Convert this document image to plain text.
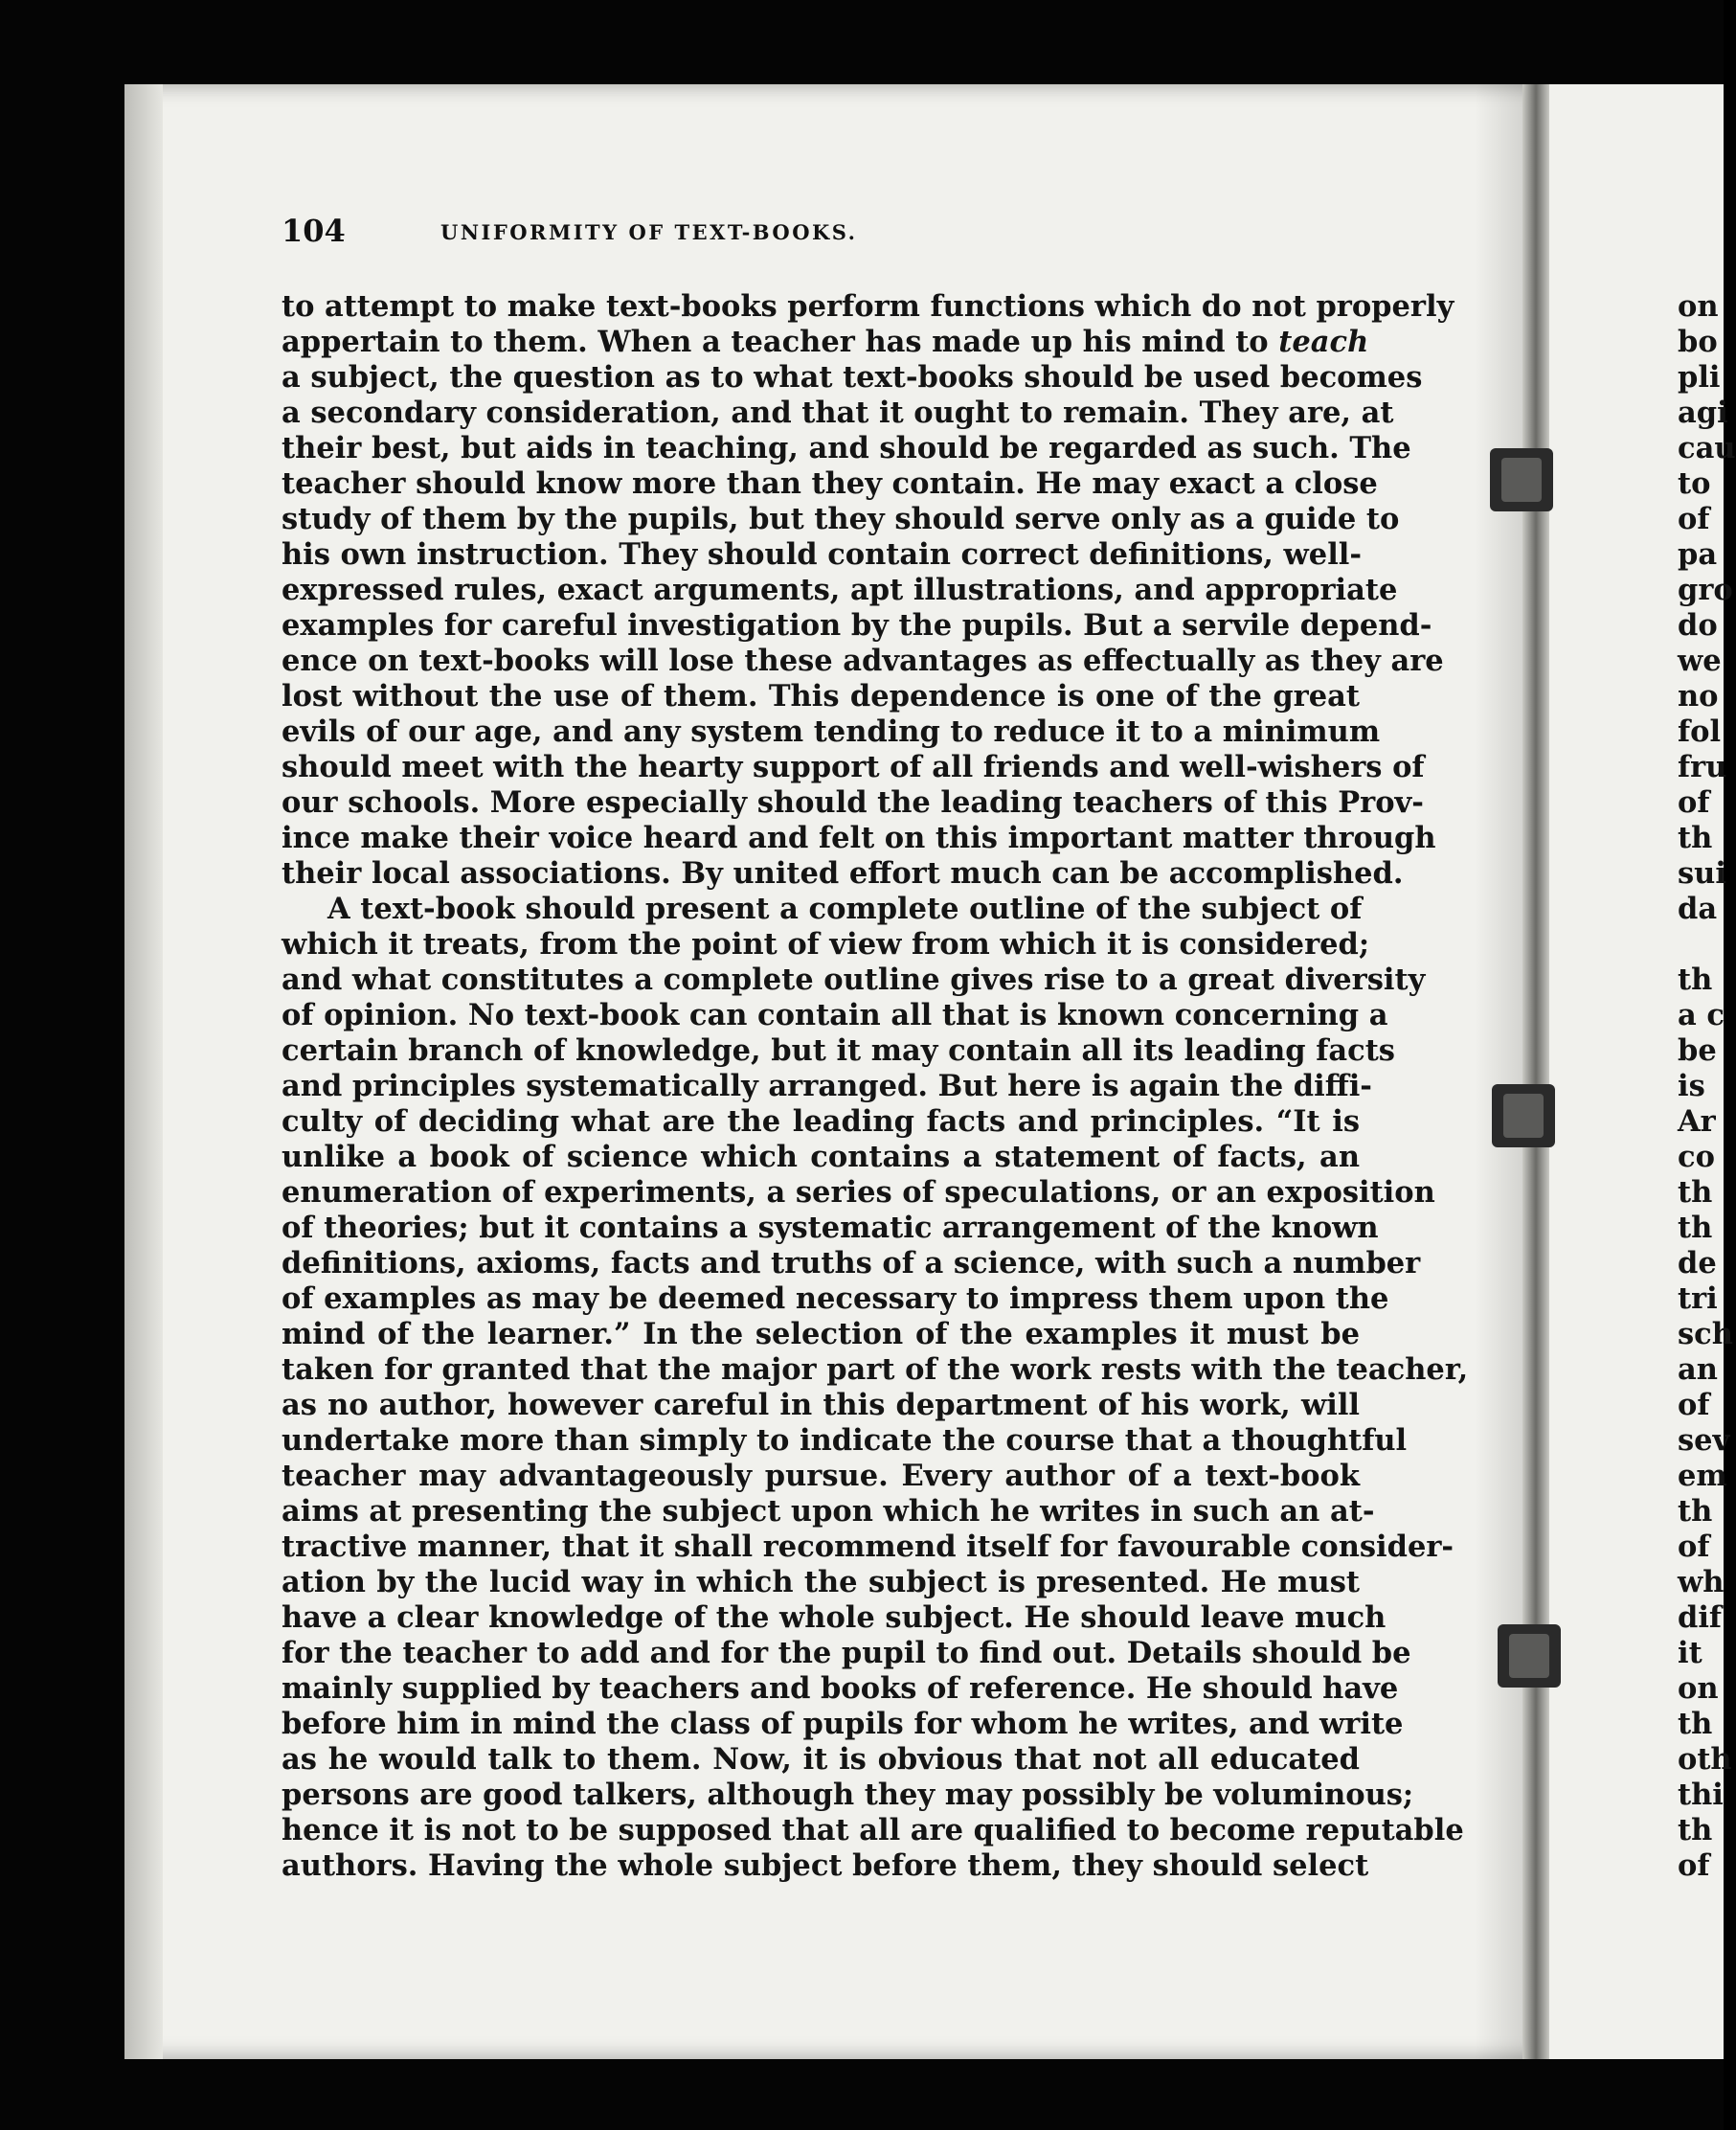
104	UNIFORMITY OF TEXT-BOOKS.
to attempt to make text-books perform functions which do not properly
appertain to them. When a teacher has made up his mind to teach
a subject, the question as to what text-books should be used becomes
a secondary consideration, and that it ought to remain. They are, at
their best, but aids in teaching, and should be regarded as such. The
teacher should know more than they contain. He may exact a close
study of them by the pupils, but they should serve only as a guide to
his own instruction. They should contain correct definitions, well-
expressed rules, exact arguments, apt illustrations, and appropriate
examples for careful investigation by the pupils. But a servile depend-
ence on text-books will lose these advantages as effectually as they are
lost without the use of them. This dependence is one of the great
evils of our age, and any system tending to reduce it to a minimum
should meet with the hearty support of all friends and well-wishers of
our schools. More especially should the leading teachers of this Prov-
ince make their voice heard and felt on this important matter through
their local associations. By united effort much can be accomplished.
A text-book should present a complete outline of the subject of
which it treats, from the point of view from which it is considered;
and what constitutes a complete outline gives rise to a great diversity
of opinion. No text-book can contain all that is known concerning a
certain branch of knowledge, but it may contain all its leading facts
and principles systematically arranged. But here is again the diffi-
culty of deciding what are the leading facts and principles. “It is
unlike a book of science which contains a statement of facts, an
enumeration of experiments, a series of speculations, or an exposition
of theories; but it contains a systematic arrangement of the known
definitions, axioms, facts and truths of a science, with such a number
of examples as may be deemed necessary to impress them upon the
mind of the learner.” In the selection of the examples it must be
taken for granted that the major part of the work rests with the teacher,
as no author, however careful in this department of his work, will
undertake more than simply to indicate the course that a thoughtful
teacher may advantageously pursue. Every author of a text-book
aims at presenting the subject upon which he writes in such an at-
tractive manner, that it shall recommend itself for favourable consider-
ation by the lucid way in which the subject is presented. He must
have a clear knowledge of the whole subject. He should leave much
for the teacher to add and for the pupil to find out. Details should be
mainly supplied by teachers and books of reference. He should have
before him in mind the class of pupils for whom he writes, and write
as he would talk to them. Now, it is obvious that not all educated
persons are good talkers, although they may possibly be voluminous;
hence it is not to be supposed that all are qualified to become reputable
authors. Having the whole subject before them, they should select
on
bo
pli
agi
cau
to
of
pa
gro
do
we
no
fol
fru
of
th
sui
da
th
a c
be
is
Ar
co
th
th
de
tri
sch
an
of
sev
em
th
of
wh
dif
it
on
th
oth
thi
th
of
